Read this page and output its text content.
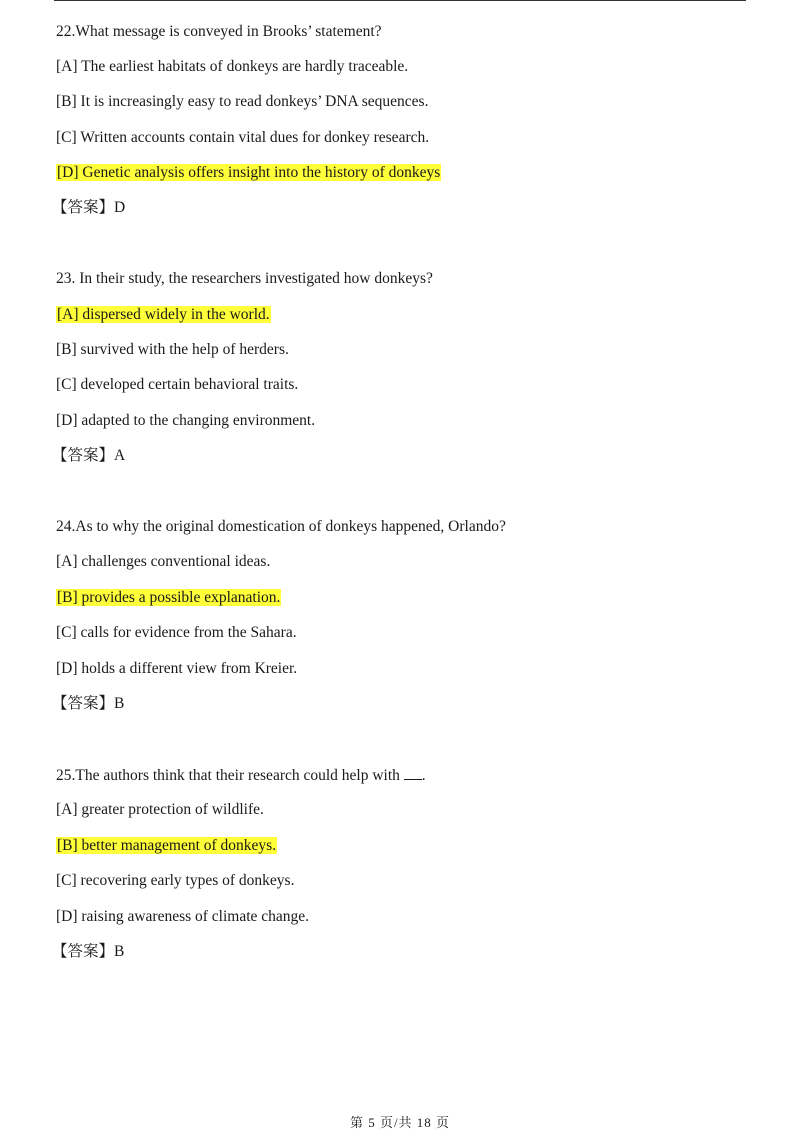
22.What message is conveyed in Brooks’ statement?
[A] The earliest habitats of donkeys are hardly traceable.
[B] It is increasingly easy to read donkeys’ DNA sequences.
[C] Written accounts contain vital dues for donkey research.
[D] Genetic analysis offers insight into the history of donkeys
【答案】D
23. In their study, the researchers investigated how donkeys?
[A] dispersed widely in the world.
[B] survived with the help of herders.
[C] developed certain behavioral traits.
[D] adapted to the changing environment.
【答案】A
24.As to why the original domestication of donkeys happened, Orlando?
[A] challenges conventional ideas.
[B] provides a possible explanation.
[C] calls for evidence from the Sahara.
[D] holds a different view from Kreier.
【答案】B
25.The authors think that their research could help with .
[A] greater protection of wildlife.
[B] better management of donkeys.
[C] recovering early types of donkeys.
[D] raising awareness of climate change.
【答案】B
第 5 页/共 18 页
